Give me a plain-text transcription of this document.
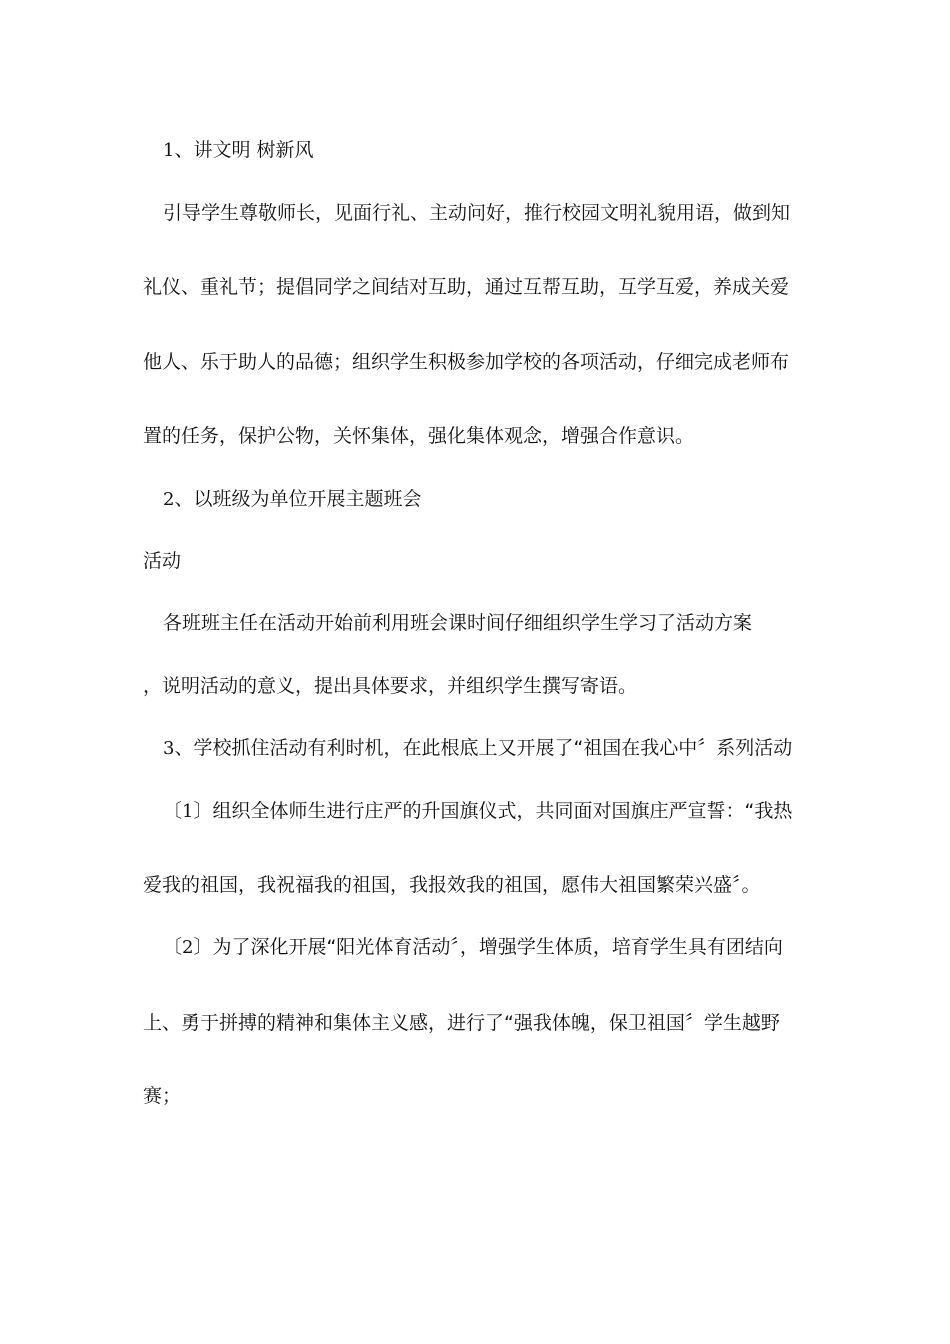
1、讲文明 树新风
引导学生尊敬师长，见面行礼、主动问好，推行校园文明礼貌用语，做到知
礼仪、重礼节；提倡同学之间结对互助，通过互帮互助，互学互爱，养成关爱
他人、乐于助人的品德；组织学生积极参加学校的各项活动，仔细完成老师布
置的任务，保护公物，关怀集体，强化集体观念，增强合作意识。
2、以班级为单位开展主题班会
活动
各班班主任在活动开始前利用班会课时间仔细组织学生学习了活动方案
，说明活动的意义，提出具体要求，并组织学生撰写寄语。
3、学校抓住活动有利时机，在此根底上又开展了“祖国在我心中〞系列活动
〔1〕组织全体师生进行庄严的升国旗仪式，共同面对国旗庄严宣誓：“我热
爱我的祖国，我祝福我的祖国，我报效我的祖国，愿伟大祖国繁荣兴盛〞。
〔2〕为了深化开展“阳光体育活动〞，增强学生体质，培育学生具有团结向
上、勇于拼搏的精神和集体主义感，进行了“强我体魄，保卫祖国〞学生越野
赛；
